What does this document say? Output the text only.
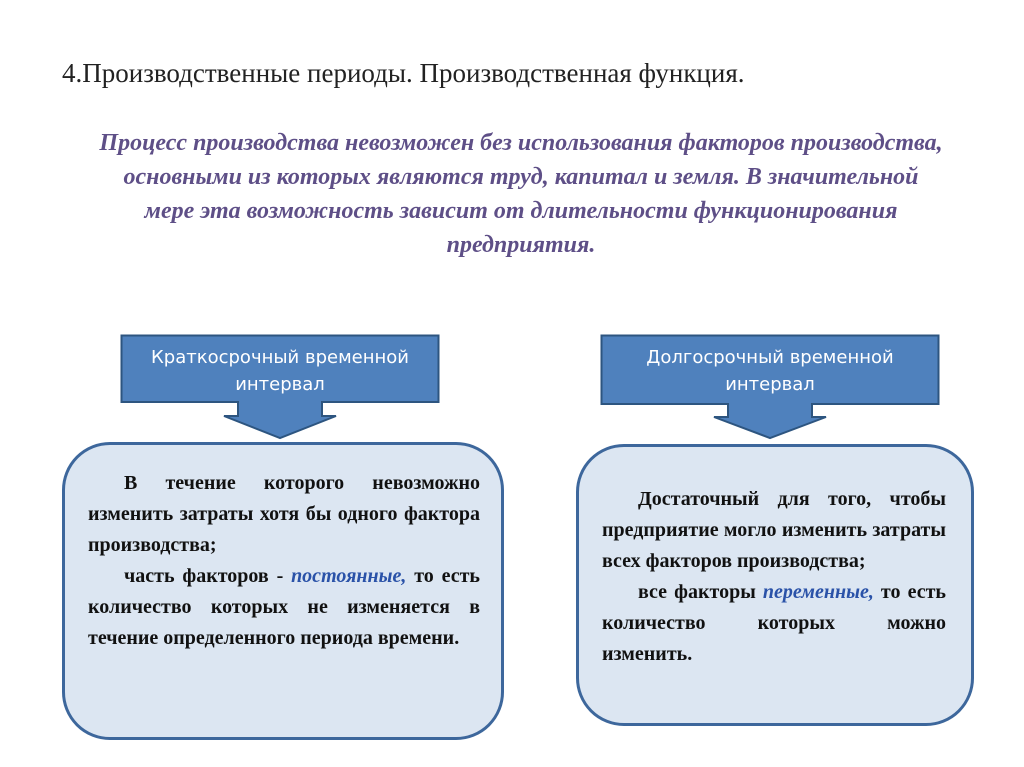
4.Производственные периоды. Производственная функция.
Процесс производства невозможен без использования факторов производства, основными из которых являются труд, капитал и земля. В значительной мере эта возможность зависит от длительности функционирования предприятия.
Краткосрочный временной интервал
Долгосрочный временной интервал

В течение которого невозможно изменить затраты хотя бы одного фактора производства;

часть факторов - постоянные, то есть количество которых не изменяется в течение определенного периода времени.

Достаточный для того, чтобы предприятие могло изменить затраты всех факторов производства;

все факторы переменные, то есть количество которых можно изменить.
